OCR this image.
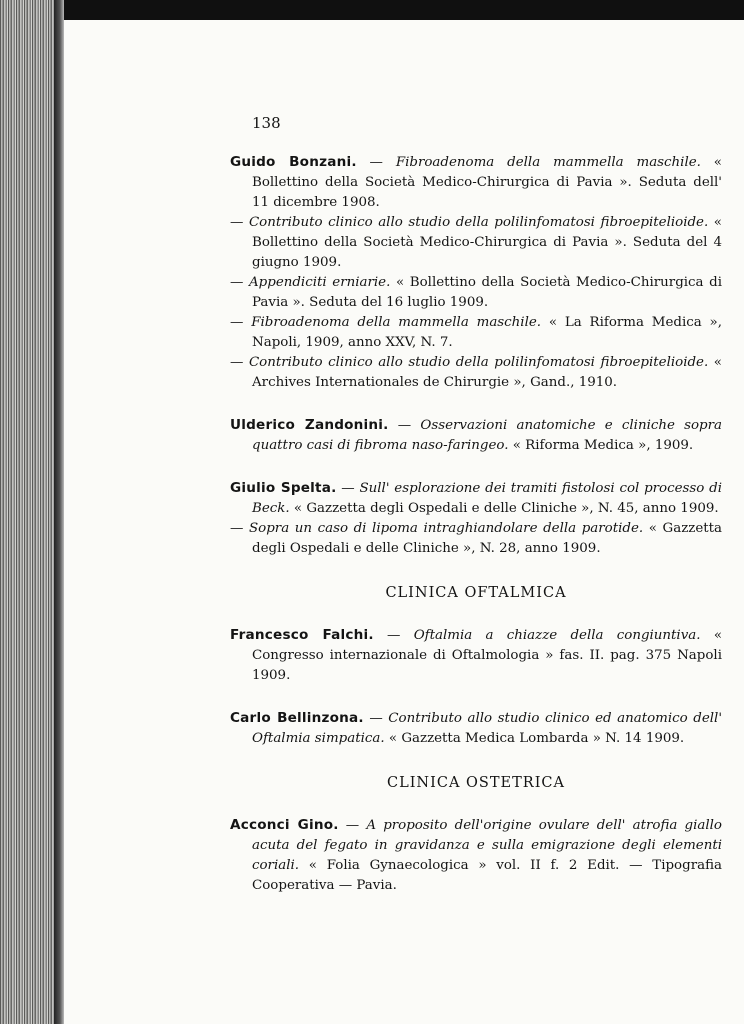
138
Guido Bonzani. — Fibroadenoma della mammella maschile. « Bollettino della Società Medico-Chirurgica di Pavia ». Seduta dell' 11 dicembre 1908.
— Contributo clinico allo studio della polilinfomatosi fibroepitelioide. « Bollettino della Società Medico-Chirurgica di Pavia ». Seduta del 4 giugno 1909.
— Appendiciti erniarie. « Bollettino della Società Medico-Chirurgica di Pavia ». Seduta del 16 luglio 1909.
— Fibroadenoma della mammella maschile. « La Riforma Medica », Napoli, 1909, anno XXV, N. 7.
— Contributo clinico allo studio della polilinfomatosi fibroepitelioide. « Archives Internationales de Chirurgie », Gand., 1910.
Ulderico Zandonini. — Osservazioni anatomiche e cliniche sopra quattro casi di fibroma naso-faringeo. « Riforma Medica », 1909.
Giulio Spelta. — Sull' esplorazione dei tramiti fistolosi col processo di Beck. « Gazzetta degli Ospedali e delle Cliniche », N. 45, anno 1909.
— Sopra un caso di lipoma intraghiandolare della parotide. « Gazzetta degli Ospedali e delle Cliniche », N. 28, anno 1909.
CLINICA OFTALMICA
Francesco Falchi. — Oftalmia a chiazze della congiuntiva. « Congresso internazionale di Oftalmologia » fas. II. pag. 375 Napoli 1909.
Carlo Bellinzona. — Contributo allo studio clinico ed anatomico dell' Oftalmia simpatica. « Gazzetta Medica Lombarda » N. 14 1909.
CLINICA OSTETRICA
Acconci Gino. — A proposito dell'origine ovulare dell' atrofia giallo acuta del fegato in gravidanza e sulla emigrazione degli elementi coriali. « Folia Gynaecologica » vol. II f. 2 Edit. — Tipografia Cooperativa — Pavia.
